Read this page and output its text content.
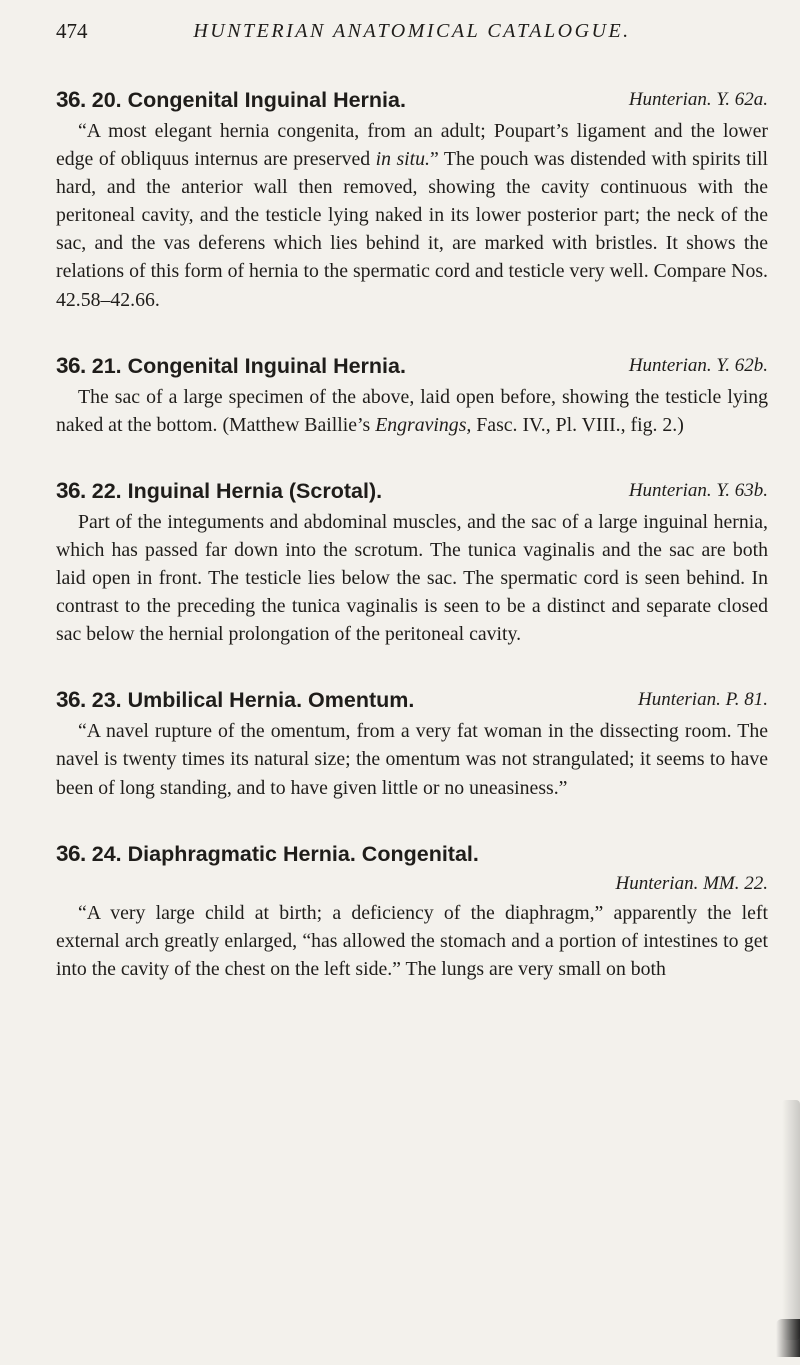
474	HUNTERIAN ANATOMICAL CATALOGUE.
36. 20. Congenital Inguinal Hernia.	Hunterian. Y. 62a.

“A most elegant hernia congenita, from an adult; Poupart’s ligament and the lower edge of obliquus internus are preserved in situ.” The pouch was distended with spirits till hard, and the anterior wall then removed, showing the cavity continuous with the peritoneal cavity, and the testicle lying naked in its lower posterior part; the neck of the sac, and the vas deferens which lies behind it, are marked with bristles. It shows the relations of this form of hernia to the spermatic cord and testicle very well. Compare Nos. 42.58–42.66.

36. 21. Congenital Inguinal Hernia.	Hunterian. Y. 62b.

The sac of a large specimen of the above, laid open before, showing the testicle lying naked at the bottom. (Matthew Baillie’s Engravings, Fasc. IV., Pl. VIII., fig. 2.)

36. 22. Inguinal Hernia (Scrotal).	Hunterian. Y. 63b.

Part of the integuments and abdominal muscles, and the sac of a large inguinal hernia, which has passed far down into the scrotum. The tunica vaginalis and the sac are both laid open in front. The testicle lies below the sac. The spermatic cord is seen behind. In contrast to the preceding the tunica vaginalis is seen to be a distinct and separate closed sac below the hernial prolongation of the peritoneal cavity.

36. 23. Umbilical Hernia. Omentum.	Hunterian. P. 81.

“A navel rupture of the omentum, from a very fat woman in the dissecting room. The navel is twenty times its natural size; the omentum was not strangulated; it seems to have been of long standing, and to have given little or no uneasiness.”

36. 24. Diaphragmatic Hernia. Congenital.
Hunterian. MM. 22.

“A very large child at birth; a deficiency of the diaphragm,” apparently the left external arch greatly enlarged, “has allowed the stomach and a portion of intestines to get into the cavity of the chest on the left side.” The lungs are very small on both
